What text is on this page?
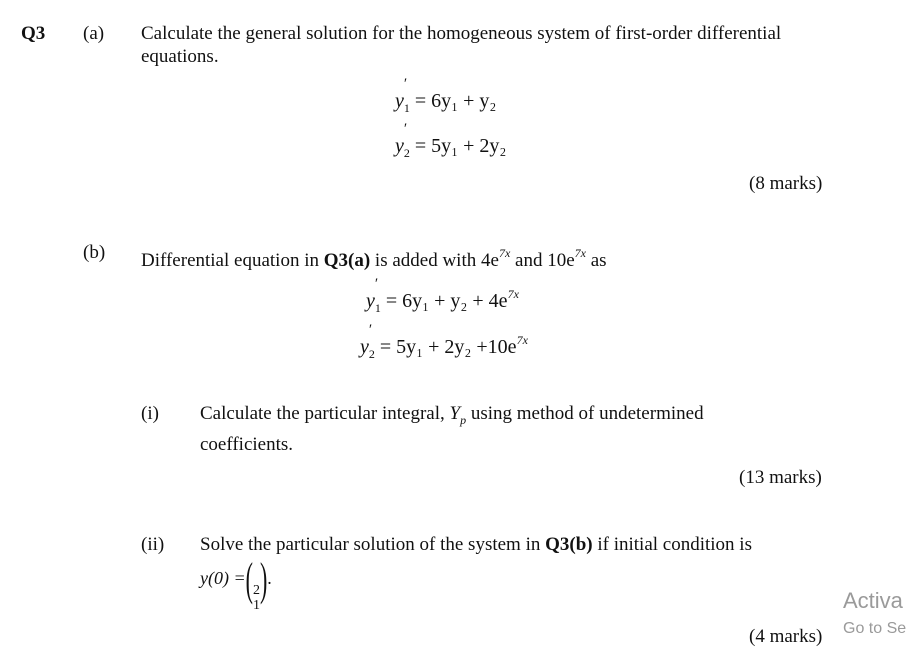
Q3 (a) Calculate the general solution for the homogeneous system of first-order differential
equations.
$y_1$
′
= 6y₁ + y₂
$y_2$
′
= 5y₁ + 2y₂
(8 marks)
(b) Differential equation in Q3(a) is added with $4e^{7x}$ and $10e^{7x}$ as
$y_1$
′
= $6y_1 + y_2 + 4e^{7x}$
$y_2$
′
= $5y_1 + 2y_2 +10e^{7x}$
(i) Calculate the particular integral, $Y_p$ using method of undetermined
coefficients.
(13 marks)
(ii) Solve the particular solution of the system in Q3(b) if initial condition is
y(0) =( 2
1
).
(4 marks)
Activa
Go to Se
